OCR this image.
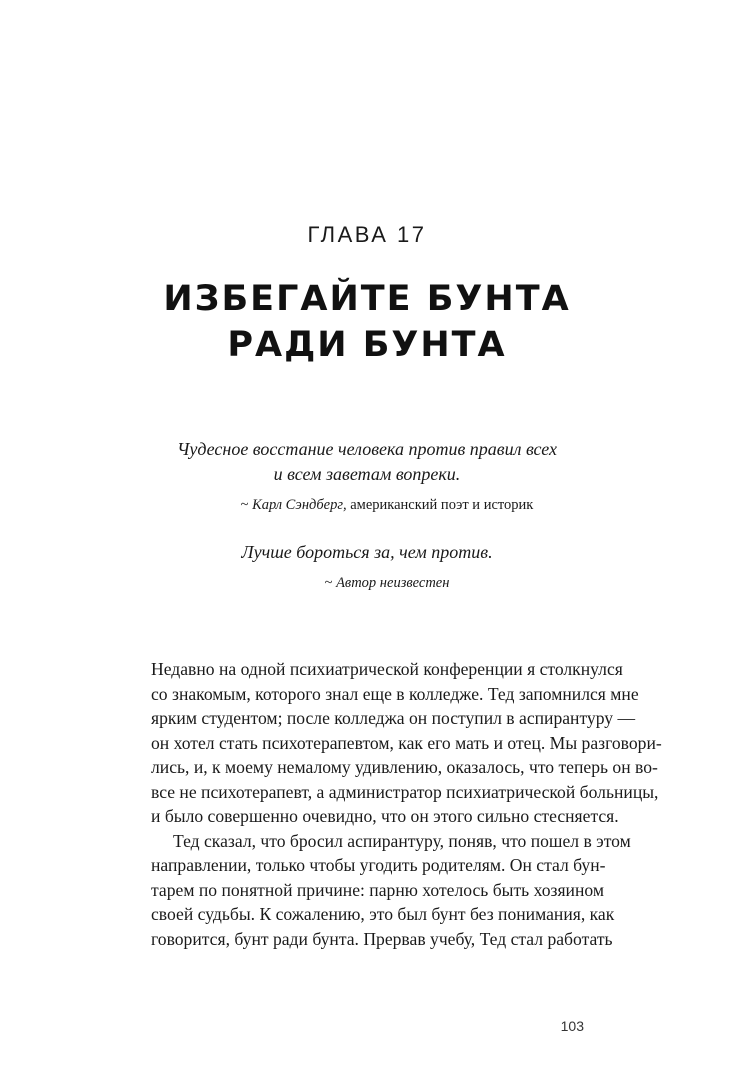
ГЛАВА 17
ИЗБЕГАЙТЕ БУНТА
РАДИ БУНТА
Чудесное восстание человека против правил всех
и всем заветам вопреки.
~ Карл Сэндберг, американский поэт и историк
Лучше бороться за, чем против.
~ Автор неизвестен
Недавно на одной психиатрической конференции я столкнулся
со знакомым, которого знал еще в колледже. Тед запомнился мне
ярким студентом; после колледжа он поступил в аспирантуру —
он хотел стать психотерапевтом, как его мать и отец. Мы разговори-
лись, и, к моему немалому удивлению, оказалось, что теперь он во-
все не психотерапевт, а администратор психиатрической больницы,
и было совершенно очевидно, что он этого сильно стесняется.
Тед сказал, что бросил аспирантуру, поняв, что пошел в этом
направлении, только чтобы угодить родителям. Он стал бун-
тарем по понятной причине: парню хотелось быть хозяином
своей судьбы. К сожалению, это был бунт без понимания, как
говорится, бунт ради бунта. Прервав учебу, Тед стал работать
103
